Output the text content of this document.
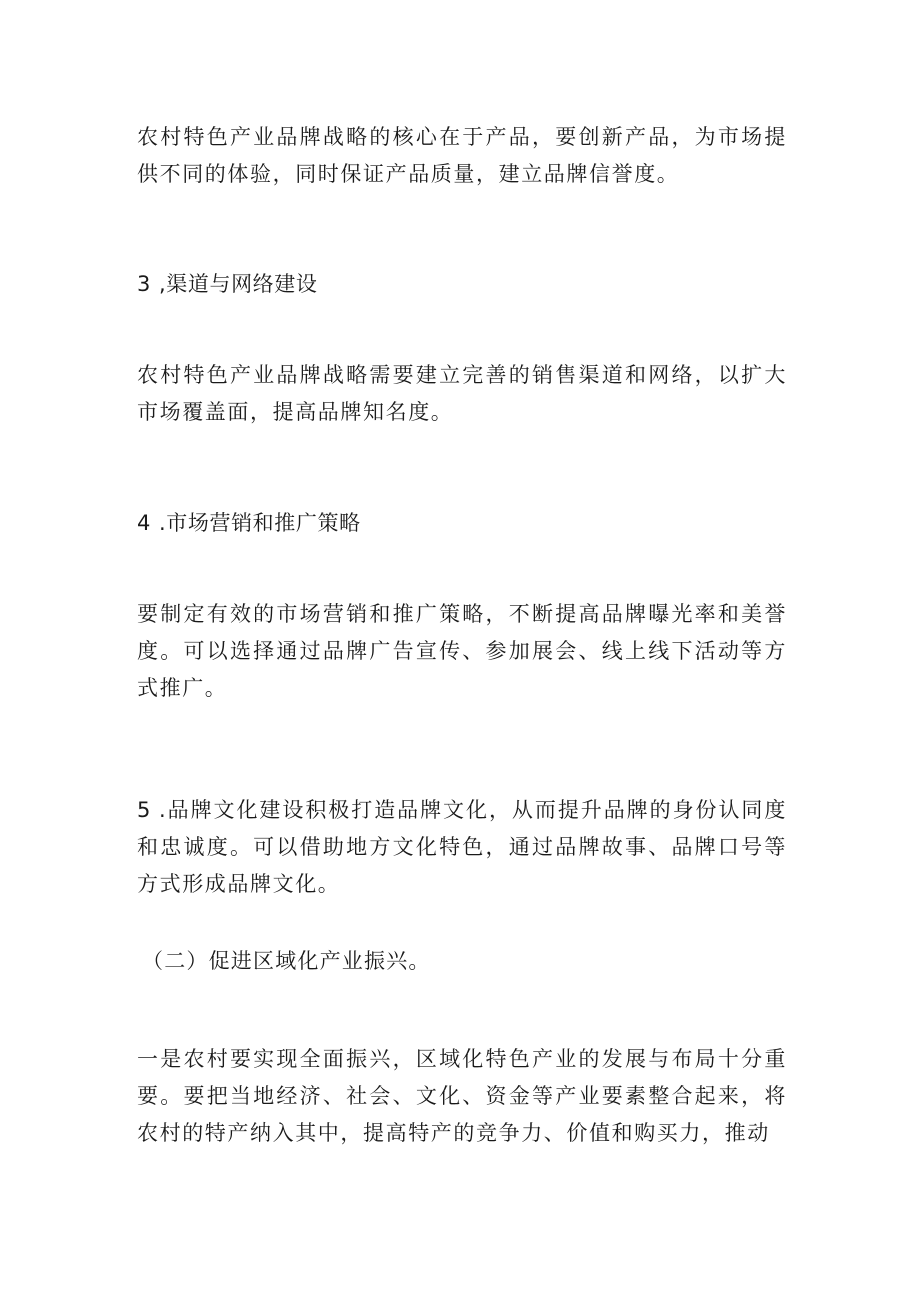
农村特色产业品牌战略的核心在于产品，要创新产品，为市场提供不同的体验，同时保证产品质量，建立品牌信誉度。

3 ,渠道与网络建设

农村特色产业品牌战略需要建立完善的销售渠道和网络，以扩大市场覆盖面，提高品牌知名度。

4 .市场营销和推广策略

要制定有效的市场营销和推广策略，不断提高品牌曝光率和美誉度。可以选择通过品牌广告宣传、参加展会、线上线下活动等方式推广。

5 .品牌文化建设积极打造品牌文化，从而提升品牌的身份认同度和忠诚度。可以借助地方文化特色，通过品牌故事、品牌口号等方式形成品牌文化。

（二）促进区域化产业振兴。

一是农村要实现全面振兴，区域化特色产业的发展与布局十分重要。要把当地经济、社会、文化、资金等产业要素整合起来，将农村的特产纳入其中，提高特产的竞争力、价值和购买力，推动
